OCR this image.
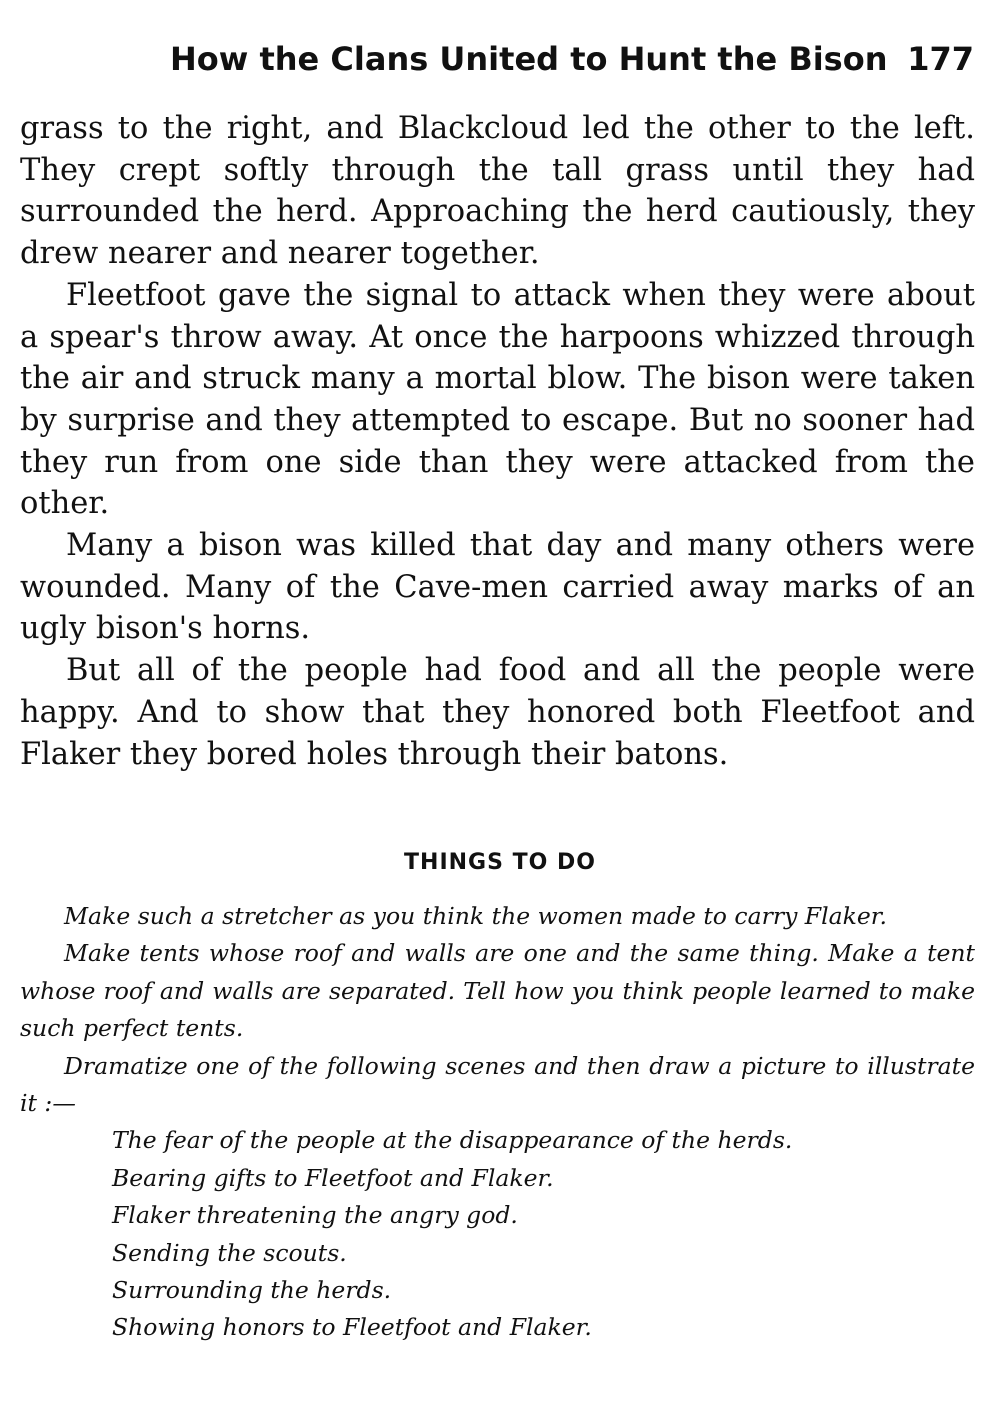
How the Clans United to Hunt the Bison 177

grass to the right, and Blackcloud led the other to the left. They crept softly through the tall grass until they had surrounded the herd. Approaching the herd cautiously, they drew nearer and nearer together.

Fleetfoot gave the signal to attack when they were about a spear's throw away. At once the harpoons whizzed through the air and struck many a mortal blow. The bison were taken by surprise and they attempted to escape. But no sooner had they run from one side than they were attacked from the other.

Many a bison was killed that day and many others were wounded. Many of the Cave-men carried away marks of an ugly bison's horns.

But all of the people had food and all the people were happy. And to show that they honored both Fleetfoot and Flaker they bored holes through their batons.

THINGS TO DO

Make such a stretcher as you think the women made to carry Flaker.

Make tents whose roof and walls are one and the same thing. Make a tent whose roof and walls are separated. Tell how you think people learned to make such perfect tents.

Dramatize one of the following scenes and then draw a picture to illustrate it :—

The fear of the people at the disappearance of the herds.
Bearing gifts to Fleetfoot and Flaker.
Flaker threatening the angry god.
Sending the scouts.
Surrounding the herds.
Showing honors to Fleetfoot and Flaker.
